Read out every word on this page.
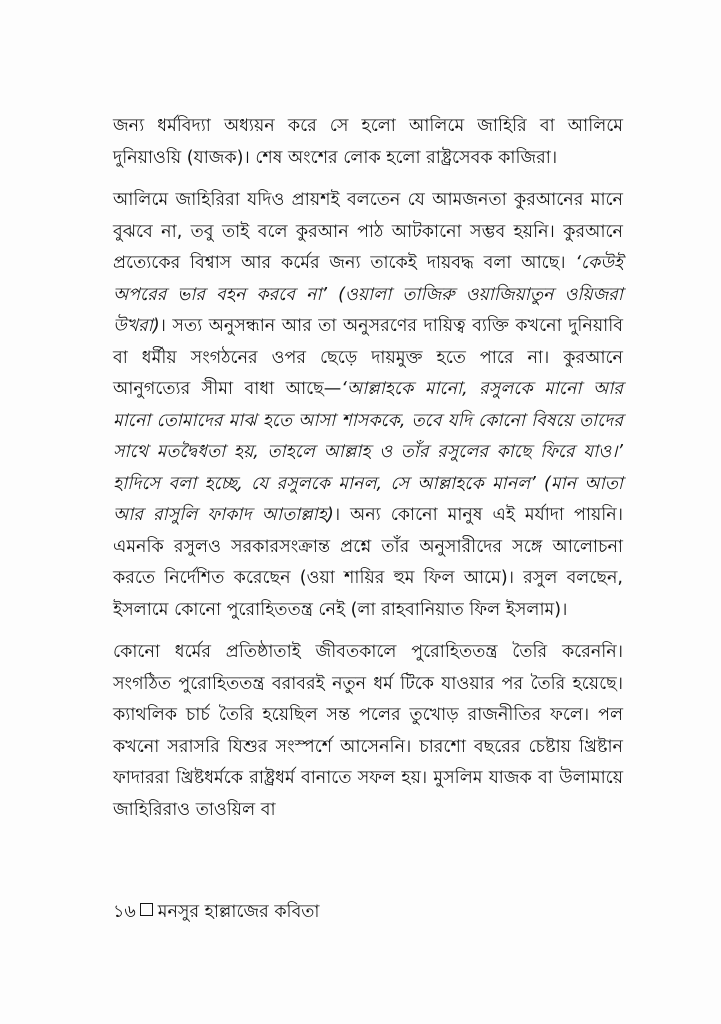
জন্য ধর্মবিদ্যা অধ্যয়ন করে সে হলো আলিমে জাহিরি বা আলিমে দুনিয়াওয়ি (যাজক)। শেষ অংশের লোক হলো রাষ্ট্রসেবক কাজিরা।

আলিমে জাহিরিরা যদিও প্রায়শই বলতেন যে আমজনতা কুরআনের মানে বুঝবে না, তবু তাই বলে কুরআন পাঠ আটকানো সম্ভব হয়নি। কুরআনে প্রত্যেকের বিশ্বাস আর কর্মের জন্য তাকেই দায়বদ্ধ বলা আছে। ‘কেউই অপরের ভার বহন করবে না’ (ওয়ালা তাজিরু ওয়াজিয়াতুন ওয়িজরা উখরা)। সত্য অনুসন্ধান আর তা অনুসরণের দায়িত্ব ব্যক্তি কখনো দুনিয়াবি বা ধর্মীয় সংগঠনের ওপর ছেড়ে দায়মুক্ত হতে পারে না। কুরআনে আনুগত্যের সীমা বাধা আছে—‘আল্লাহকে মানো, রসুলকে মানো আর মানো তোমাদের মাঝ হতে আসা শাসককে, তবে যদি কোনো বিষয়ে তাদের সাথে মতদ্বৈধতা হয়, তাহলে আল্লাহ ও তাঁর রসুলের কাছে ফিরে যাও।’ হাদিসে বলা হচ্ছে, যে রসুলকে মানল, সে আল্লাহকে মানল’ (মান আতা আর রাসুলি ফাকাদ আতাল্লাহ)। অন্য কোনো মানুষ এই মর্যাদা পায়নি। এমনকি রসুলও সরকারসংক্রান্ত প্রশ্নে তাঁর অনুসারীদের সঙ্গে আলোচনা করতে নির্দেশিত করেছেন (ওয়া শায়ির হুম ফিল আমে)। রসুল বলছেন, ইসলামে কোনো পুরোহিততন্ত্র নেই (লা রাহবানিয়াত ফিল ইসলাম)।

কোনো ধর্মের প্রতিষ্ঠাতাই জীবতকালে পুরোহিততন্ত্র তৈরি করেননি। সংগঠিত পুরোহিততন্ত্র বরাবরই নতুন ধর্ম টিকে যাওয়ার পর তৈরি হয়েছে। ক্যাথলিক চার্চ তৈরি হয়েছিল সন্ত পলের তুখোড় রাজনীতির ফলে। পল কখনো সরাসরি যিশুর সংস্পর্শে আসেননি। চারশো বছরের চেষ্টায় খ্রিষ্টান ফাদাররা খ্রিষ্টধর্মকে রাষ্ট্রধর্ম বানাতে সফল হয়। মুসলিম যাজক বা উলামায়ে জাহিরিরাও তাওয়িল বা

১৬ মনসুর হাল্লাজের কবিতা
